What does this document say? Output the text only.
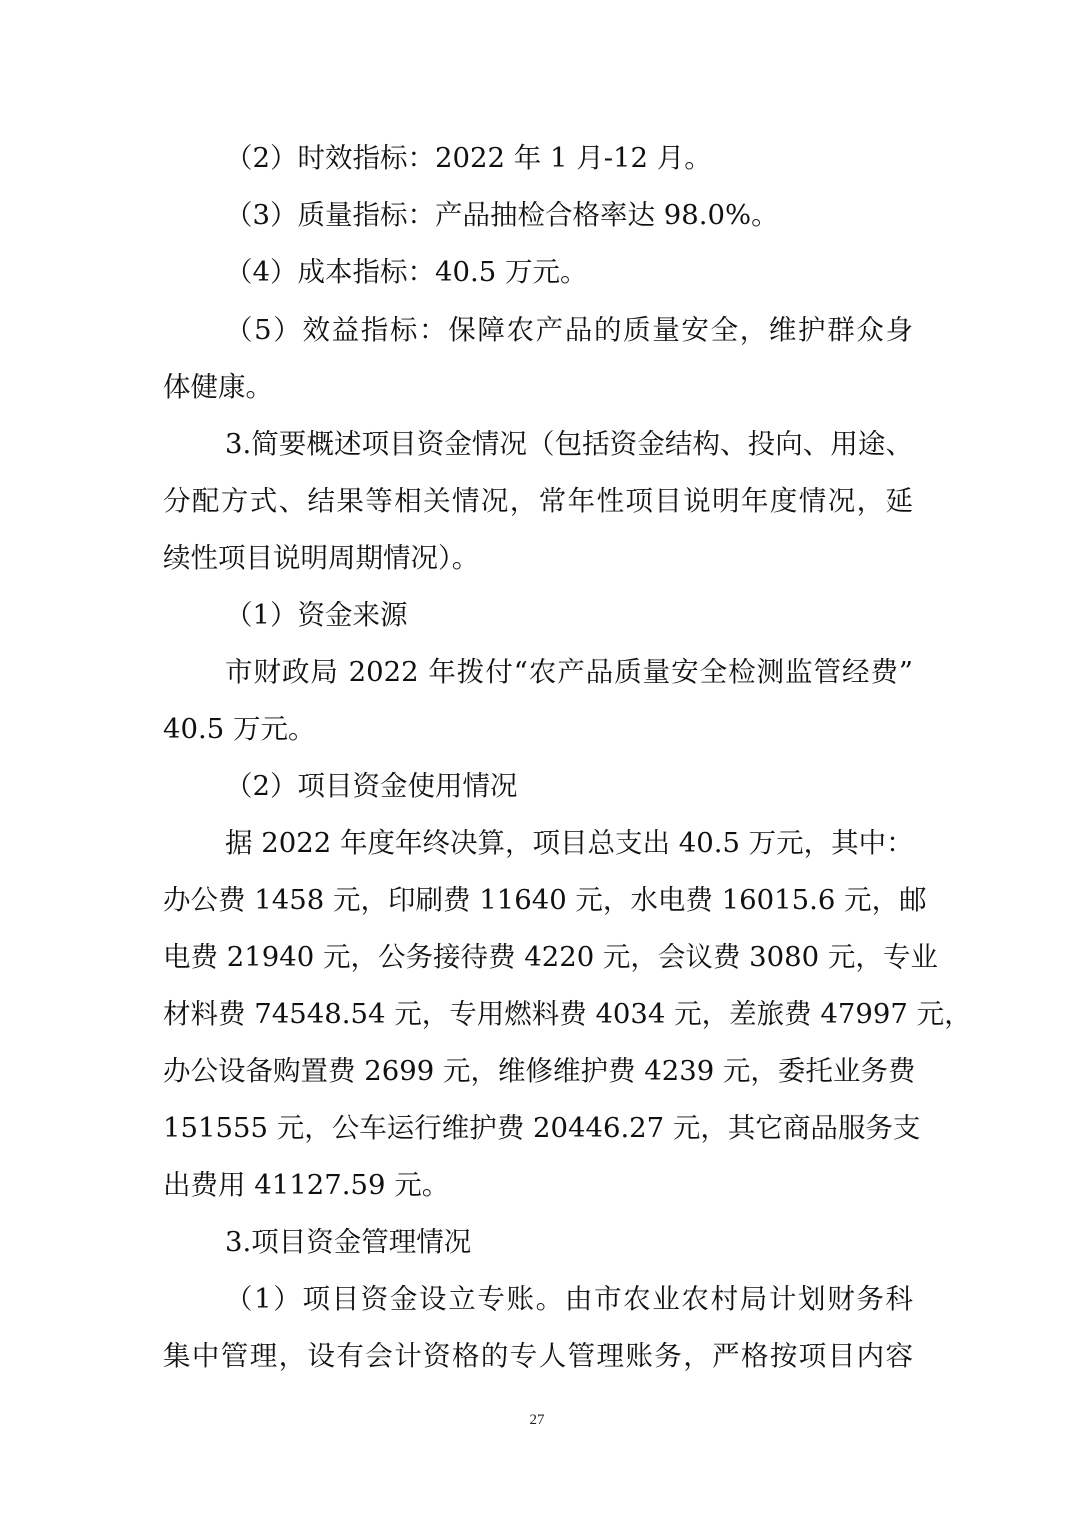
（2）时效指标：2022 年 1 月-12 月。
（3）质量指标：产品抽检合格率达 98.0%。
（4）成本指标：40.5 万元。
（5）效益指标：保障农产品的质量安全，维护群众身
体健康。
3.简要概述项目资金情况（包括资金结构、投向、用途、
分配方式、结果等相关情况，常年性项目说明年度情况，延
续性项目说明周期情况）。
（1）资金来源
市财政局 2022 年拨付“农产品质量安全检测监管经费”
40.5 万元。
（2）项目资金使用情况
据 2022 年度年终决算，项目总支出 40.5 万元，其中：
办公费 1458 元，印刷费 11640 元，水电费 16015.6 元，邮
电费 21940 元，公务接待费 4220 元，会议费 3080 元，专业
材料费 74548.54 元，专用燃料费 4034 元，差旅费 47997 元，
办公设备购置费 2699 元，维修维护费 4239 元，委托业务费
151555 元，公车运行维护费 20446.27 元，其它商品服务支
出费用 41127.59 元。
3.项目资金管理情况
（1）项目资金设立专账。由市农业农村局计划财务科
集中管理，设有会计资格的专人管理账务，严格按项目内容
27
